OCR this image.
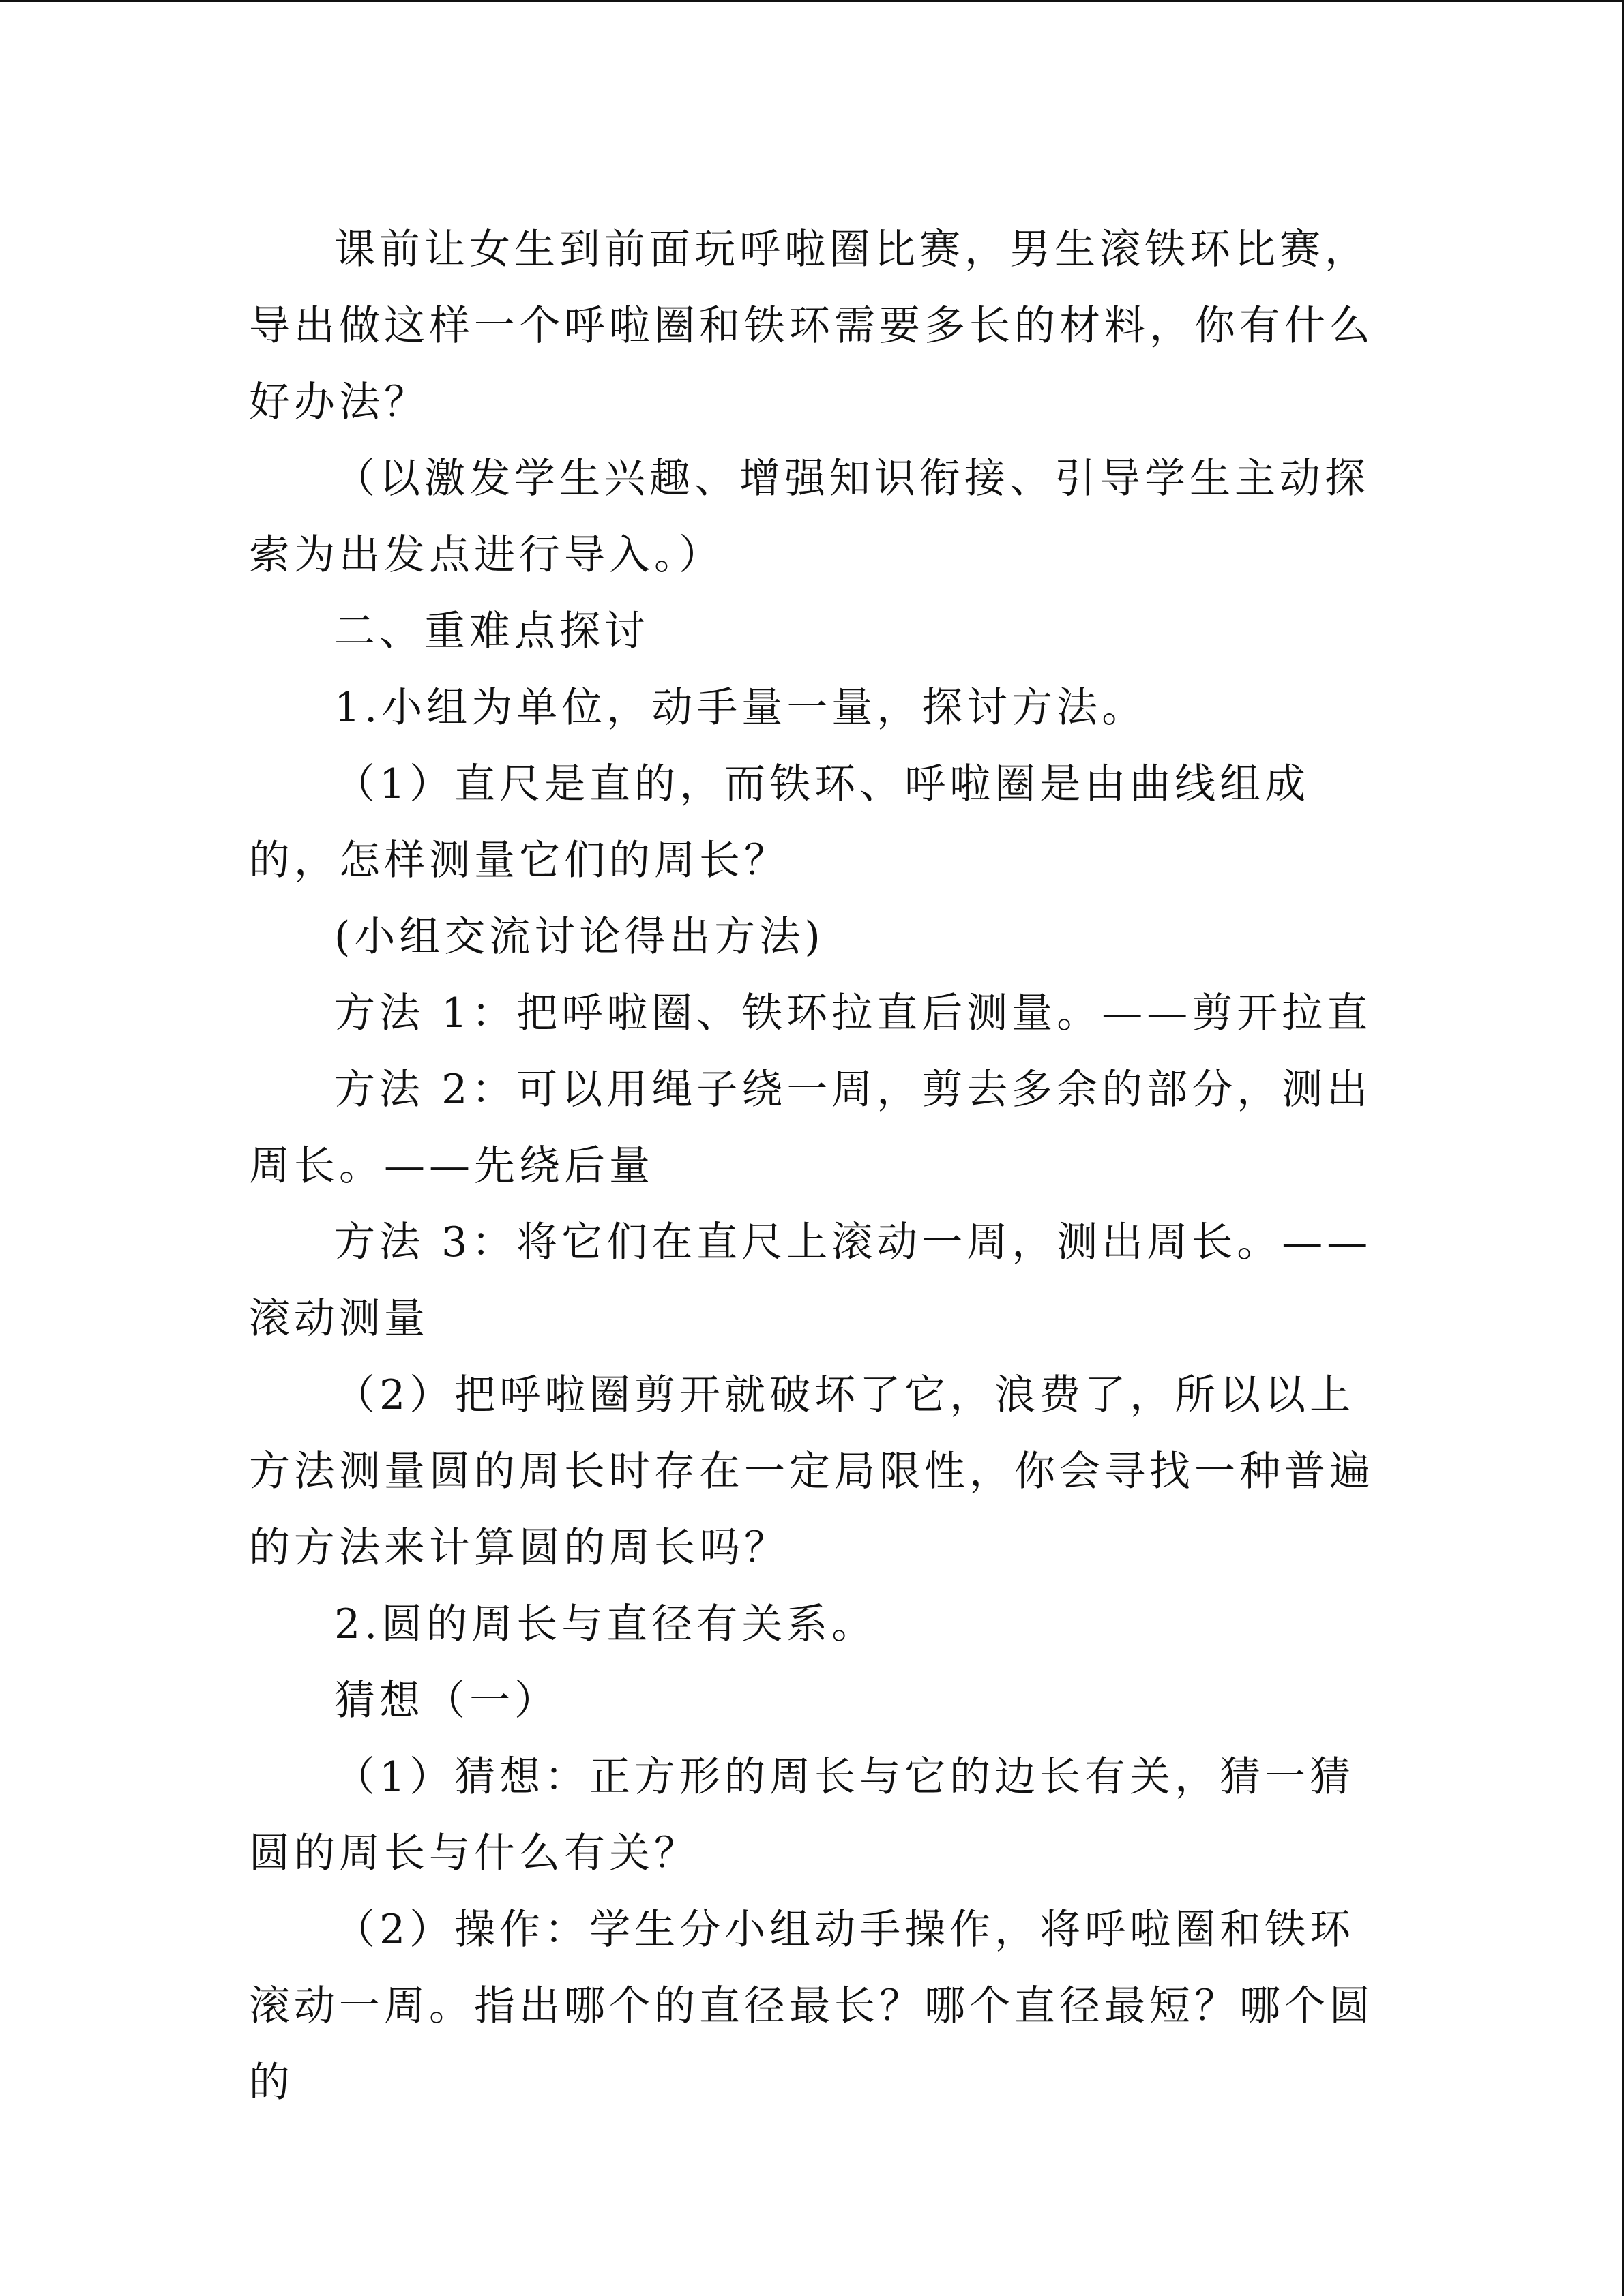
课前让女生到前面玩呼啦圈比赛，男生滚铁环比赛，导出做这样一个呼啦圈和铁环需要多长的材料，你有什么好办法？

（以激发学生兴趣、增强知识衔接、引导学生主动探索为出发点进行导入。）

二、重难点探讨

1.小组为单位，动手量一量，探讨方法。

（1）直尺是直的，而铁环、呼啦圈是由曲线组成的，怎样测量它们的周长？

(小组交流讨论得出方法)

方法 1：把呼啦圈、铁环拉直后测量。——剪开拉直

方法 2：可以用绳子绕一周，剪去多余的部分，测出周长。——先绕后量

方法 3：将它们在直尺上滚动一周，测出周长。——滚动测量

（2）把呼啦圈剪开就破坏了它，浪费了，所以以上方法测量圆的周长时存在一定局限性，你会寻找一种普遍的方法来计算圆的周长吗？

2.圆的周长与直径有关系。

猜想（一）

（1）猜想：正方形的周长与它的边长有关，猜一猜圆的周长与什么有关？

（2）操作：学生分小组动手操作，将呼啦圈和铁环滚动一周。指出哪个的直径最长？哪个直径最短？哪个圆的
